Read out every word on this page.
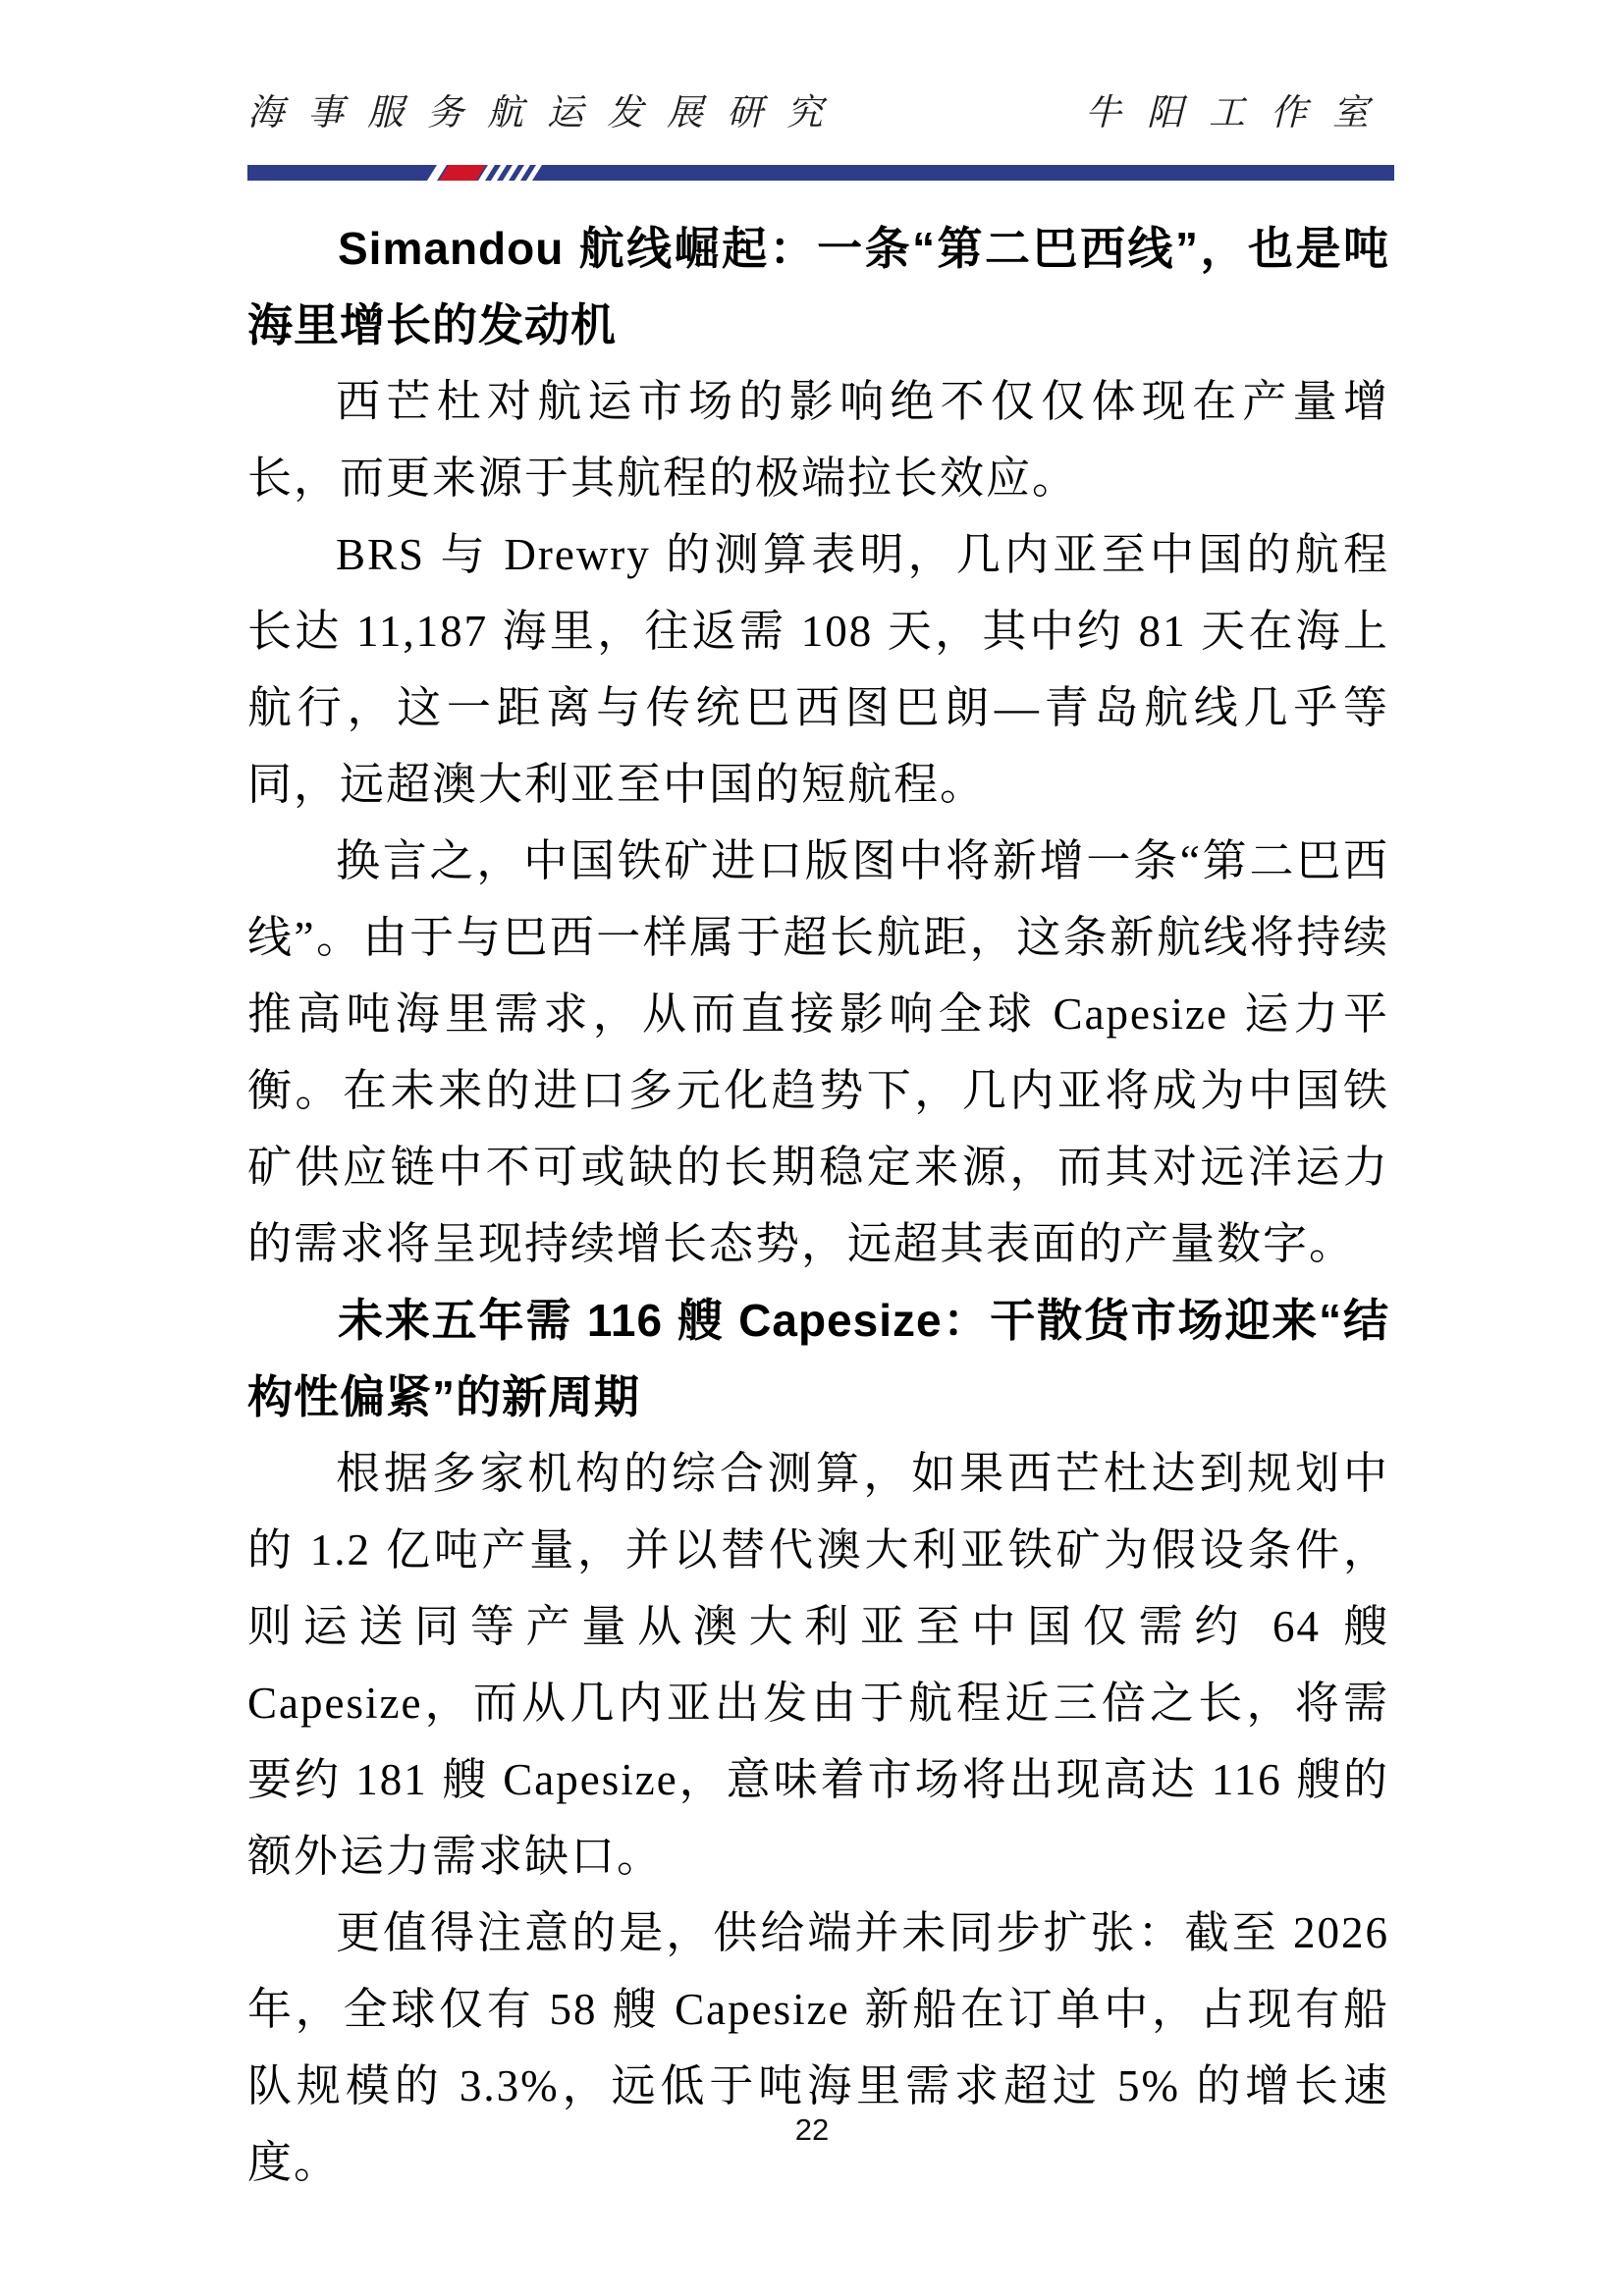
海事服务航运发展研究	牛阳工作室
Simandou 航线崛起：一条“第二巴西线”，也是吨海里增长的发动机

西芒杜对航运市场的影响绝不仅仅体现在产量增长，而更来源于其航程的极端拉长效应。

BRS 与 Drewry 的测算表明，几内亚至中国的航程长达 11,187 海里，往返需 108 天，其中约 81 天在海上航行，这一距离与传统巴西图巴朗—青岛航线几乎等同，远超澳大利亚至中国的短航程。

换言之，中国铁矿进口版图中将新增一条“第二巴西线”。由于与巴西一样属于超长航距，这条新航线将持续推高吨海里需求，从而直接影响全球 Capesize 运力平衡。在未来的进口多元化趋势下，几内亚将成为中国铁矿供应链中不可或缺的长期稳定来源，而其对远洋运力的需求将呈现持续增长态势，远超其表面的产量数字。

未来五年需 116 艘 Capesize：干散货市场迎来“结构性偏紧”的新周期

根据多家机构的综合测算，如果西芒杜达到规划中的 1.2 亿吨产量，并以替代澳大利亚铁矿为假设条件，则运送同等产量从澳大利亚至中国仅需约 64 艘 Capesize，而从几内亚出发由于航程近三倍之长，将需要约 181 艘 Capesize，意味着市场将出现高达 116 艘的额外运力需求缺口。

更值得注意的是，供给端并未同步扩张：截至 2026 年，全球仅有 58 艘 Capesize 新船在订单中，占现有船队规模的 3.3%，远低于吨海里需求超过 5% 的增长速度。

22
